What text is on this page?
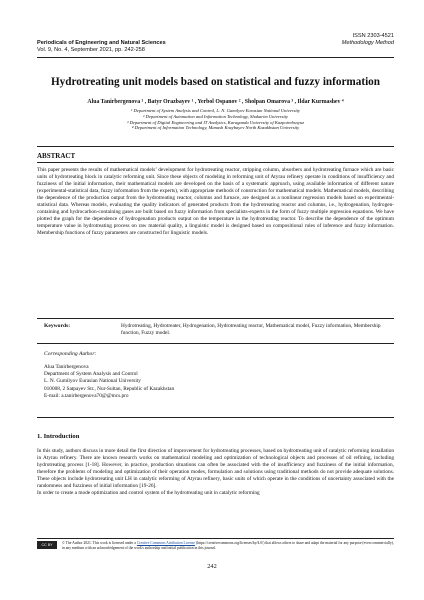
Periodicals of Engineering and Natural Sciences
Vol. 9, No. 4, September 2021, pp. 242-258
ISSN 2303-4521
Methodology Method
Hydrotreating unit models based on statistical and fuzzy information
Alua Tanirbergenova ¹ , Batyr Orazbayev ¹ , Yerbol Ospanov ² , Sholpan Omarova ³ , Ildar Kurmashev ⁴
¹ Department of System Analysis and Control, L. N. Gumilyov Eurasian National University
² Department of Automation and Information Technology, Shakarim University
³ Department of Digital Engineering and IT Analytics, Karaganda University of Kazpotrebsoyuz
⁴ Department of Information Technology, Manash Kozybayev North Kazakhstan University
ABSTRACT
This paper presents the results of mathematical models’ development for hydrotreating reactor, stripping column, absorbers and hydrotreating furnace which are basic units of hydrotreating block in catalytic reforming unit. Since these objects of modeling in reforming unit of Atyrau refinery operate in conditions of insufficiency and fuzziness of the initial information, their mathematical models are developed on the basis of a systematic approach, using available information of different nature (experimental-statistical data, fuzzy information from the experts), with appropriate methods of construction for mathematical models. Mathematical models, describing the dependence of the production output from the hydrotreating reactor, columns and furnace, are designed as a nonlinear regression models based on experimental-statistical data. Whereas models, evaluating the quality indicators of generated products from the hydrotreating reactor and columns, i.e., hydrogenation, hydrogen-containing and hydrocarbon-containing gases are built based on fuzzy information from specialists-experts in the form of fuzzy multiple regression equations. We have plotted the graph for the dependence of hydrogenation products output on the temperature in the hydrotreating reactor. To describe the dependence of the optimum temperature value in hydrotreating process on raw material quality, a linguistic model is designed based on compositional rules of inference and fuzzy information. Membership functions of fuzzy parameters are constructed for linguistic models.
Keywords:	Hydrotreating, Hydrotreater, Hydrogenation, Hydrotreating reactor, Mathematical model, Fuzzy information, Membership function, Fuzzy model.
Corresponding Author:
Alua Tanirbergenova
Department of System Analysis and Control
L. N. Gumilyov Eurasian National University
010008, 2 Satpayev Str., Nur-Sultan, Republic of Kazakhstan
E-mail: a.tanirbergenova70@@mcs.pro
1. Introduction

In this study, authors discuss in more detail the first direction of improvement for hydrotreating processes, based on hydrotreating unit of catalytic reforming installation in Atyrau refinery. There are known research works on mathematical modeling and optimization of technological objects and processes of oil refining, including hydrotreating process [1-18]. However, in practice, production situations can often be associated with the of insufficiency and fuzziness of the initial information, therefore the problems of modeling and optimization of their operation modes, formulation and solutions using traditional methods do not provide adequate solutions. These objects include hydrotreating unit LH in catalytic reforming of Atyrau refinery, basic units of which operate in the conditions of uncertainty associated with the randomness and fuzziness of initial information [19-26].

In order to create a mode optimization and control system of the hydrotreating unit in catalytic reforming

CC BY	© The Author 2021. This work is licensed under a Creative Commons Attribution License (https://creativecommons.org/licenses/by/4.0/) that allows others to share and adapt the material for any purpose (even commercially), in any medium with an acknowledgement of the work's authorship and initial publication in this journal.
242
